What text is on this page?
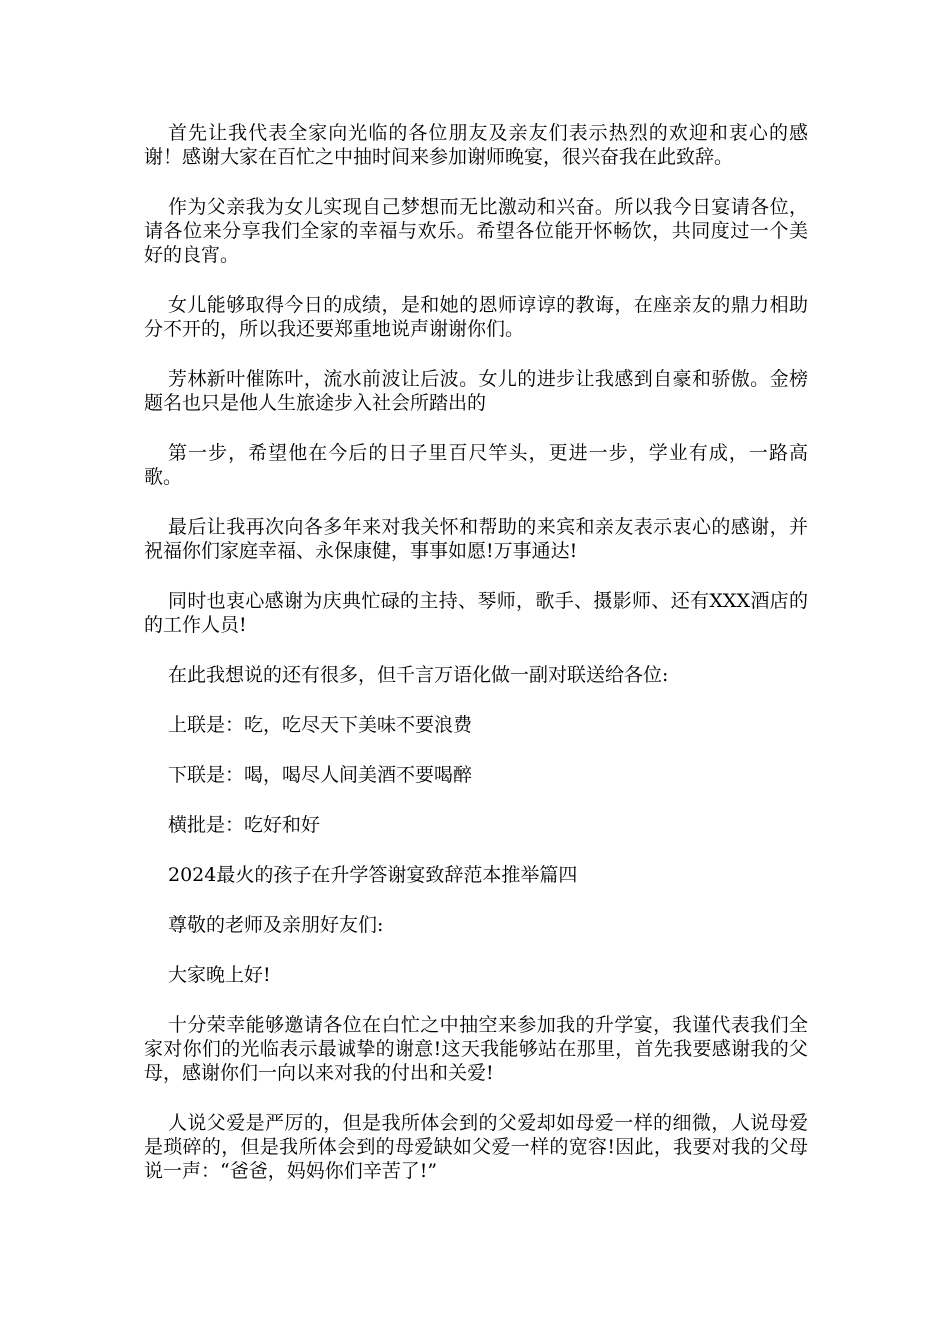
首先让我代表全家向光临的各位朋友及亲友们表示热烈的欢迎和衷心的感谢！感谢大家在百忙之中抽时间来参加谢师晚宴，很兴奋我在此致辞。

作为父亲我为女儿实现自己梦想而无比激动和兴奋。所以我今日宴请各位，请各位来分享我们全家的幸福与欢乐。希望各位能开怀畅饮，共同度过一个美好的良宵。

女儿能够取得今日的成绩，是和她的恩师谆谆的教诲，在座亲友的鼎力相助分不开的，所以我还要郑重地说声谢谢你们。

芳林新叶催陈叶，流水前波让后波。女儿的进步让我感到自豪和骄傲。金榜题名也只是他人生旅途步入社会所踏出的

第一步，希望他在今后的日子里百尺竿头，更进一步，学业有成，一路高歌。

最后让我再次向各多年来对我关怀和帮助的来宾和亲友表示衷心的感谢，并祝福你们家庭幸福、永保康健，事事如愿!万事通达!

同时也衷心感谢为庆典忙碌的主持、琴师，歌手、摄影师、还有XXX酒店的的工作人员!

在此我想说的还有很多，但千言万语化做一副对联送给各位:

上联是：吃，吃尽天下美味不要浪费

下联是：喝，喝尽人间美酒不要喝醉

横批是：吃好和好

2024最火的孩子在升学答谢宴致辞范本推举篇四

尊敬的老师及亲朋好友们:

大家晚上好!

十分荣幸能够邀请各位在白忙之中抽空来参加我的升学宴，我谨代表我们全家对你们的光临表示最诚挚的谢意!这天我能够站在那里，首先我要感谢我的父母，感谢你们一向以来对我的付出和关爱!

人说父爱是严厉的，但是我所体会到的父爱却如母爱一样的细微，人说母爱是琐碎的，但是我所体会到的母爱缺如父爱一样的宽容!因此，我要对我的父母说一声：“爸爸，妈妈你们辛苦了!”
